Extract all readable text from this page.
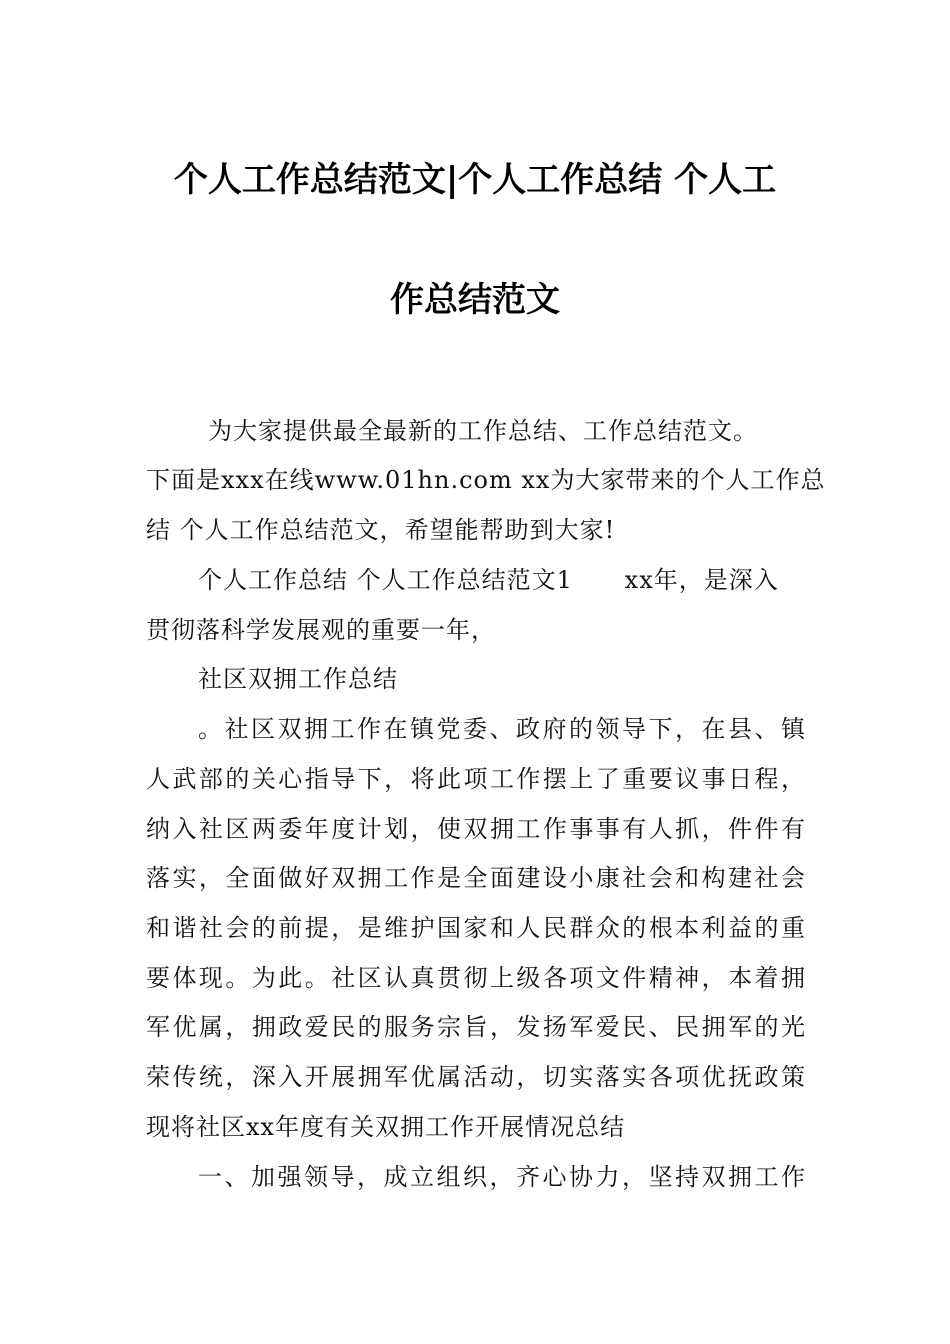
个人工作总结范文|个人工作总结 个人工
作总结范文
为大家提供最全最新的工作总结、工作总结范文。
下面是xxx在线www.01hn.com xx为大家带来的个人工作总
结 个人工作总结范文，希望能帮助到大家!
个人工作总结 个人工作总结范文1      xx年，是深入
贯彻落科学发展观的重要一年，
社区双拥工作总结
。社区双拥工作在镇党委、政府的领导下，在县、镇
人武部的关心指导下，将此项工作摆上了重要议事日程，
纳入社区两委年度计划，使双拥工作事事有人抓，件件有
落实，全面做好双拥工作是全面建设小康社会和构建社会
和谐社会的前提，是维护国家和人民群众的根本利益的重
要体现。为此。社区认真贯彻上级各项文件精神，本着拥
军优属，拥政爱民的服务宗旨，发扬军爱民、民拥军的光
荣传统，深入开展拥军优属活动，切实落实各项优抚政策
现将社区xx年度有关双拥工作开展情况总结
一、加强领导，成立组织，齐心协力，坚持双拥工作
